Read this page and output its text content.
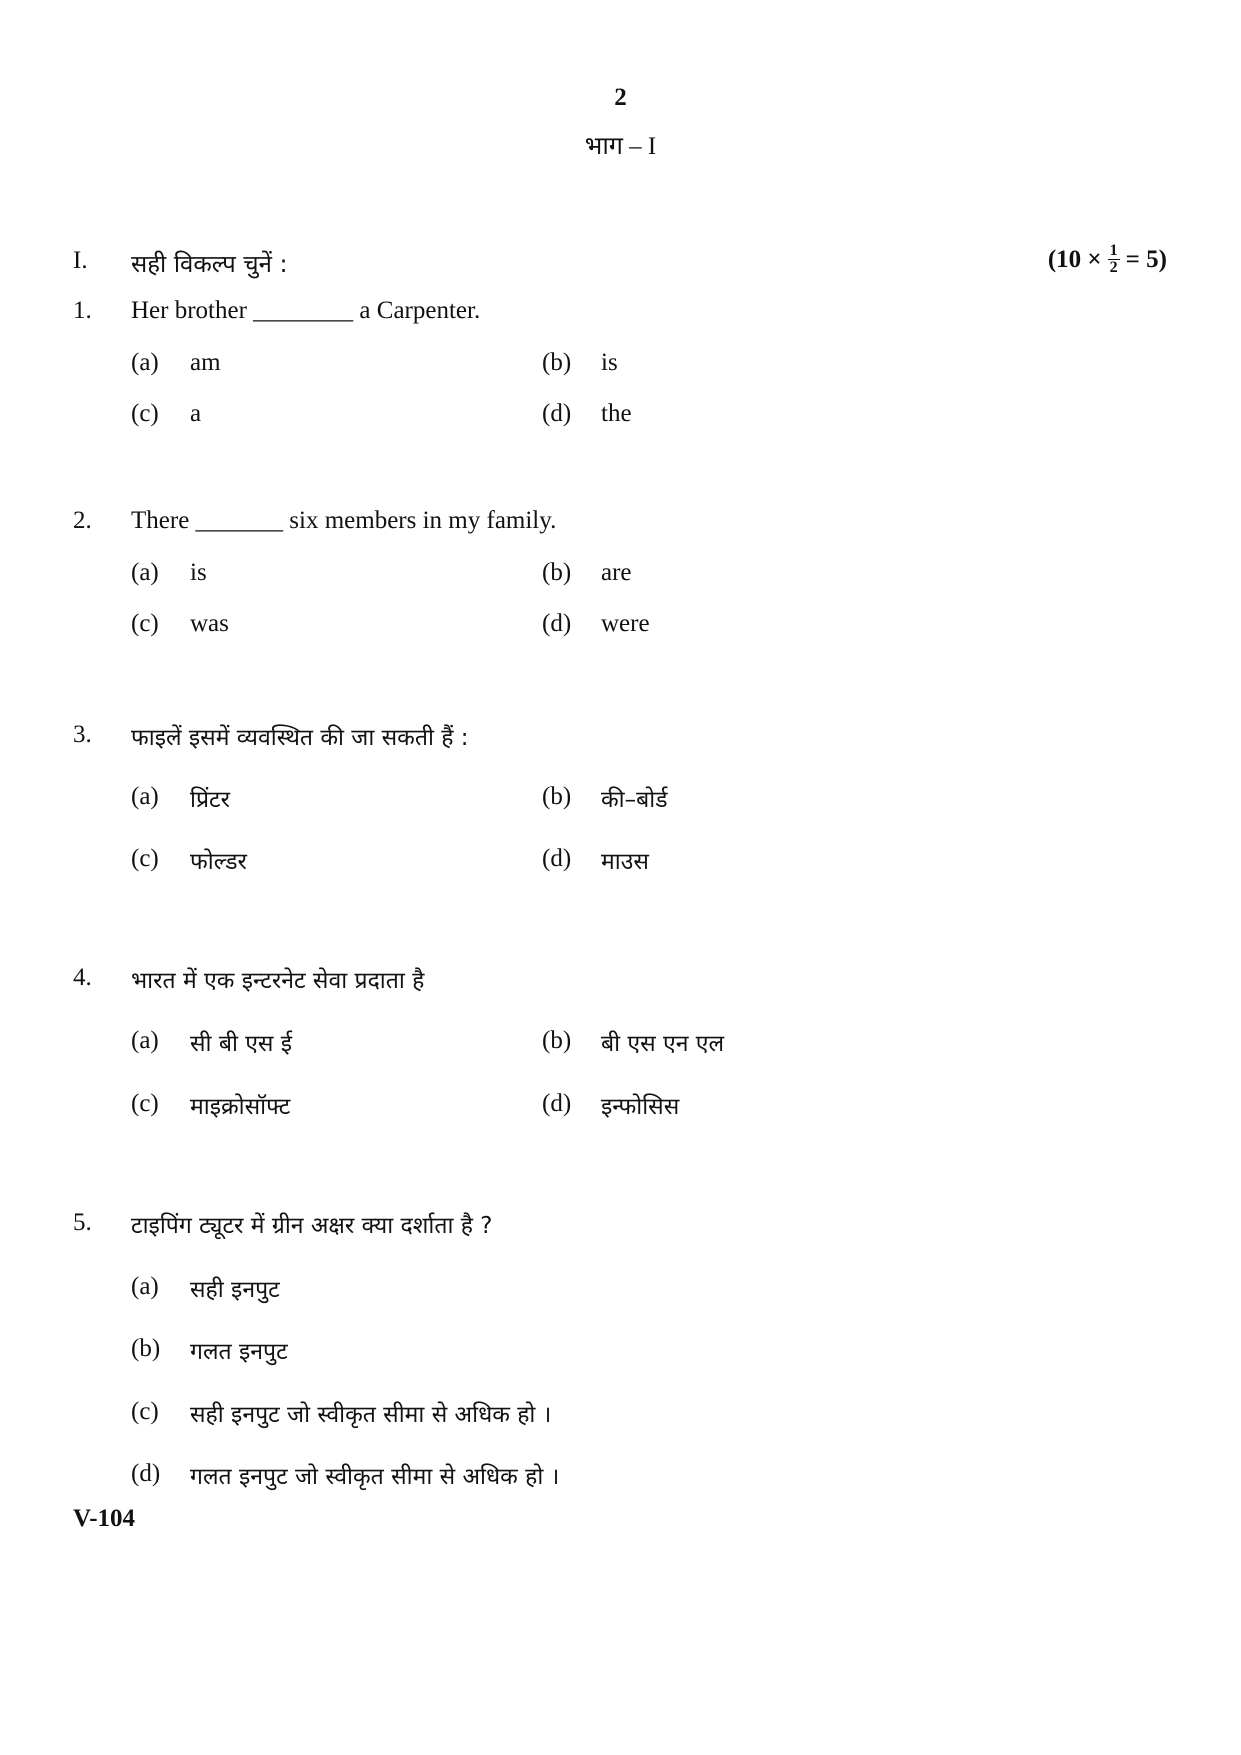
2
भाग – I
I. सही विकल्प चुनें :	$(10 \times \frac{1}{2} = 5)$
1. Her brother ________ a Carpenter.
(a) am	(b) is
(c) a	(d) the
2. There _______ six members in my family.
(a) is	(b) are
(c) was	(d) were
3. फाइलें इसमें व्यवस्थित की जा सकती हैं :
(a) प्रिंटर	(b) की–बोर्ड
(c) फोल्डर	(d) माउस
4. भारत में एक इन्टरनेट सेवा प्रदाता है
(a) सी बी एस ई	(b) बी एस एन एल
(c) माइक्रोसॉफ्ट	(d) इन्फोसिस
5. टाइपिंग ट्यूटर में ग्रीन अक्षर क्या दर्शाता है ?
(a) सही इनपुट
(b) गलत इनपुट
(c) सही इनपुट जो स्वीकृत सीमा से अधिक हो ।
(d) गलत इनपुट जो स्वीकृत सीमा से अधिक हो ।
V-104
